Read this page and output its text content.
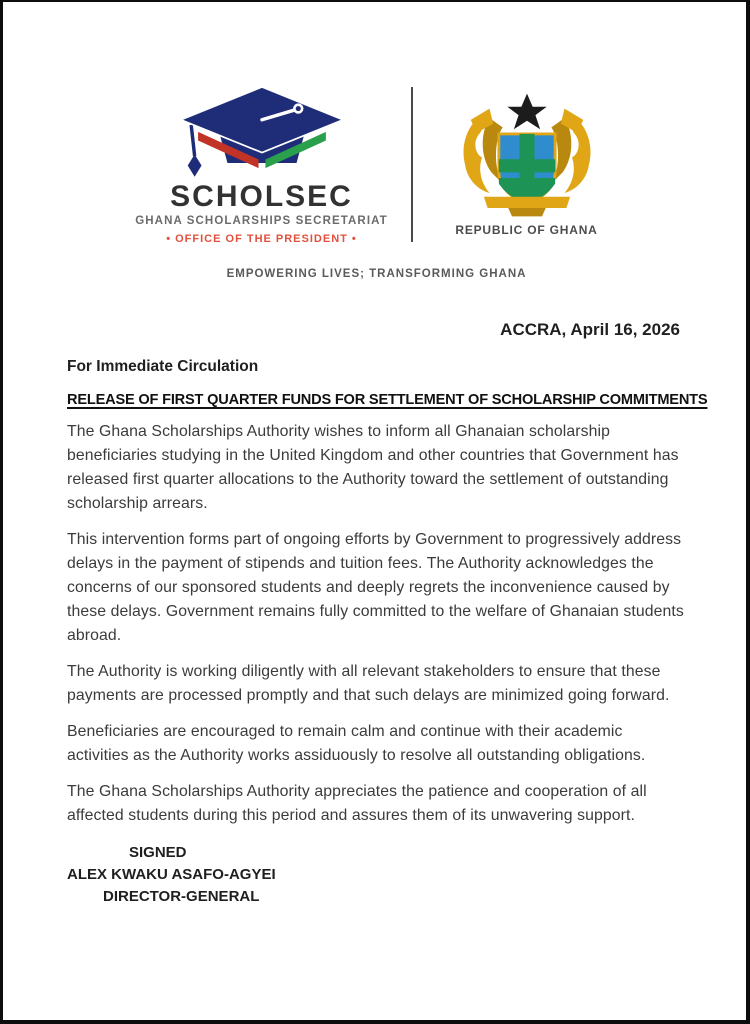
SCHOLSEC
GHANA SCHOLARSHIPS SECRETARIAT
• OFFICE OF THE PRESIDENT •
REPUBLIC OF GHANA
EMPOWERING LIVES; TRANSFORMING GHANA
ACCRA, April 16, 2026
For Immediate Circulation
RELEASE OF FIRST QUARTER FUNDS FOR SETTLEMENT OF SCHOLARSHIP COMMITMENTS

The Ghana Scholarships Authority wishes to inform all Ghanaian scholarship beneficiaries studying in the United Kingdom and other countries that Government has released first quarter allocations to the Authority toward the settlement of outstanding scholarship arrears.

This intervention forms part of ongoing efforts by Government to progressively address delays in the payment of stipends and tuition fees. The Authority acknowledges the concerns of our sponsored students and deeply regrets the inconvenience caused by these delays. Government remains fully committed to the welfare of Ghanaian students abroad.

The Authority is working diligently with all relevant stakeholders to ensure that these payments are processed promptly and that such delays are minimized going forward.

Beneficiaries are encouraged to remain calm and continue with their academic activities as the Authority works assiduously to resolve all outstanding obligations.

The Ghana Scholarships Authority appreciates the patience and cooperation of all affected students during this period and assures them of its unwavering support.

SIGNED
ALEX KWAKU ASAFO-AGYEI
DIRECTOR-GENERAL
